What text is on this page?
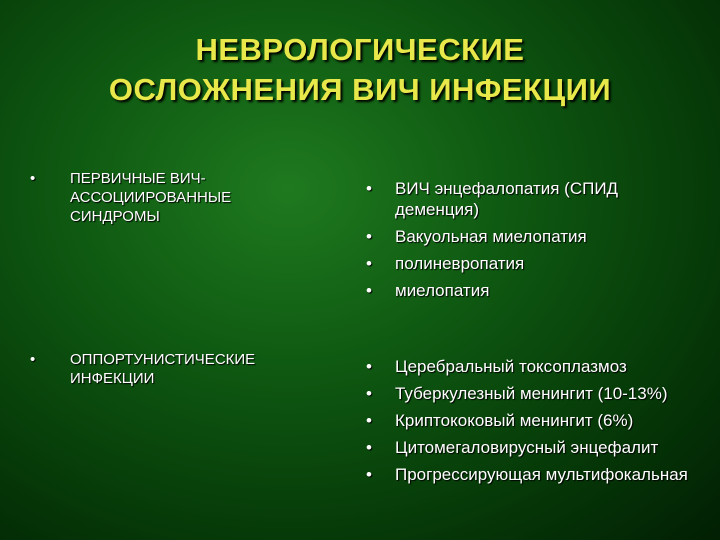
НЕВРОЛОГИЧЕСКИЕ
ОСЛОЖНЕНИЯ ВИЧ ИНФЕКЦИИ
• ПЕРВИЧНЫЕ ВИЧ-АССОЦИИРОВАННЫЕ СИНДРОМЫ
• ВИЧ энцефалопатия (СПИД деменция)
• Вакуольная миелопатия
• полиневропатия
• миелопатия
• ОППОРТУНИСТИЧЕСКИЕ ИНФЕКЦИИ
• Церебральный токсоплазмоз
• Туберкулезный менингит (10-13%)
• Криптококовый менингит (6%)
• Цитомегаловирусный энцефалит
• Прогрессирующая мультифокальная
